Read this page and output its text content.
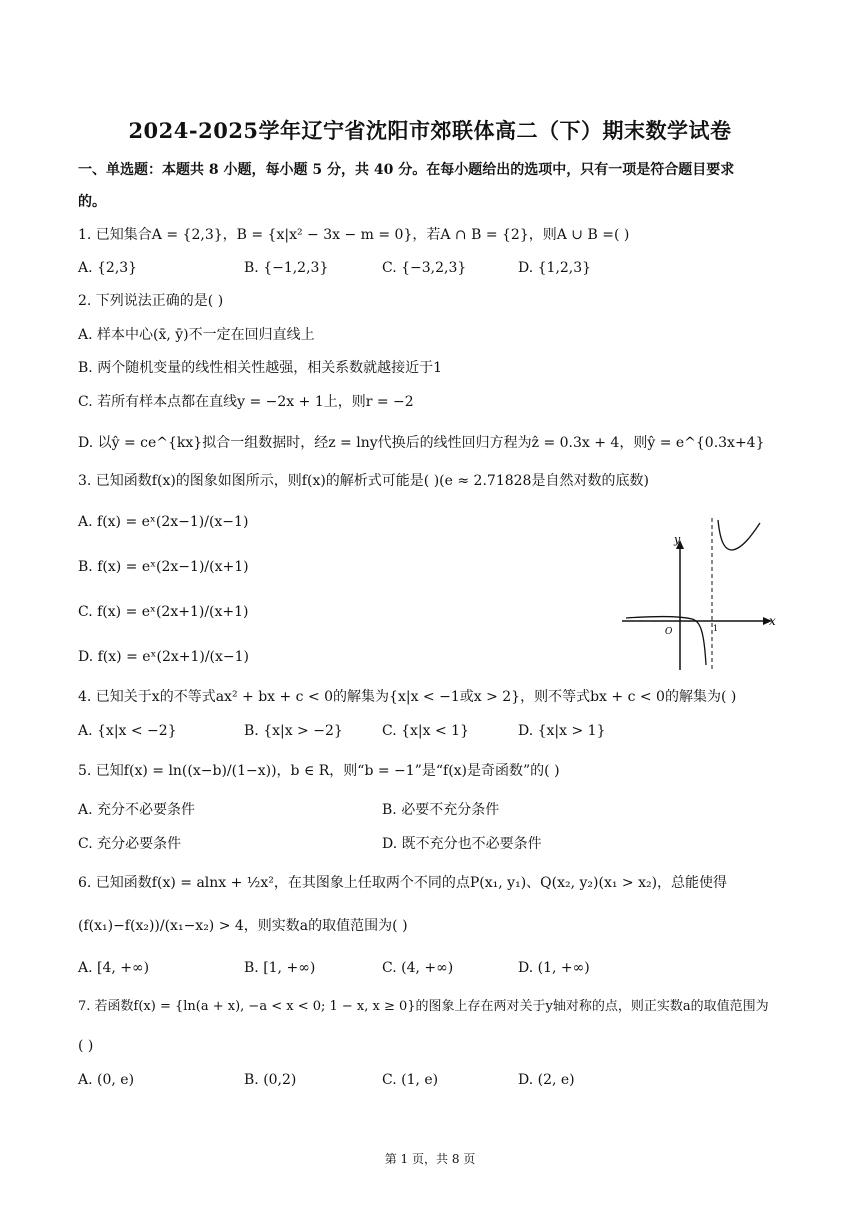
2024-2025学年辽宁省沈阳市郊联体高二（下）期末数学试卷
一、单选题：本题共 8 小题，每小题 5 分，共 40 分。在每小题给出的选项中，只有一项是符合题目要求
的。
1. 已知集合A = {2,3}，B = {x|x² − 3x − m = 0}，若A ∩ B = {2}，则A ∪ B =( )
A. {2,3}	B. {−1,2,3}	C. {−3,2,3}	D. {1,2,3}
2. 下列说法正确的是( )
A. 样本中心(x̄, ȳ)不一定在回归直线上
B. 两个随机变量的线性相关性越强，相关系数就越接近于1
C. 若所有样本点都在直线y = −2x + 1上，则r = −2
D. 以ŷ = ce^{kx}拟合一组数据时，经z = lny代换后的线性回归方程为ẑ = 0.3x + 4，则ŷ = e^{0.3x+4}
3. 已知函数f(x)的图象如图所示，则f(x)的解析式可能是( )(e ≈ 2.71828是自然对数的底数)
A. f(x) = eˣ(2x−1)/(x−1)
B. f(x) = eˣ(2x−1)/(x+1)
C. f(x) = eˣ(2x+1)/(x+1)
D. f(x) = eˣ(2x+1)/(x−1)
y
x
O	1
4. 已知关于x的不等式ax² + bx + c < 0的解集为{x|x < −1或x > 2}，则不等式bx + c < 0的解集为( )
A. {x|x < −2}	B. {x|x > −2}	C. {x|x < 1}	D. {x|x > 1}
5. 已知f(x) = ln((x−b)/(1−x))，b ∈ R，则“b = −1”是“f(x)是奇函数”的( )
A. 充分不必要条件	B. 必要不充分条件
C. 充分必要条件	D. 既不充分也不必要条件
6. 已知函数f(x) = alnx + ½x²，在其图象上任取两个不同的点P(x₁, y₁)、Q(x₂, y₂)(x₁ > x₂)，总能使得
(f(x₁)−f(x₂))/(x₁−x₂) > 4，则实数a的取值范围为( )
A. [4, +∞)	B. [1, +∞)	C. (4, +∞)	D. (1, +∞)
7. 若函数f(x) = {ln(a + x), −a < x < 0; 1 − x, x ≥ 0}的图象上存在两对关于y轴对称的点，则正实数a的取值范围为
( )
A. (0, e)	B. (0,2)	C. (1, e)	D. (2, e)
第 1 页，共 8 页
